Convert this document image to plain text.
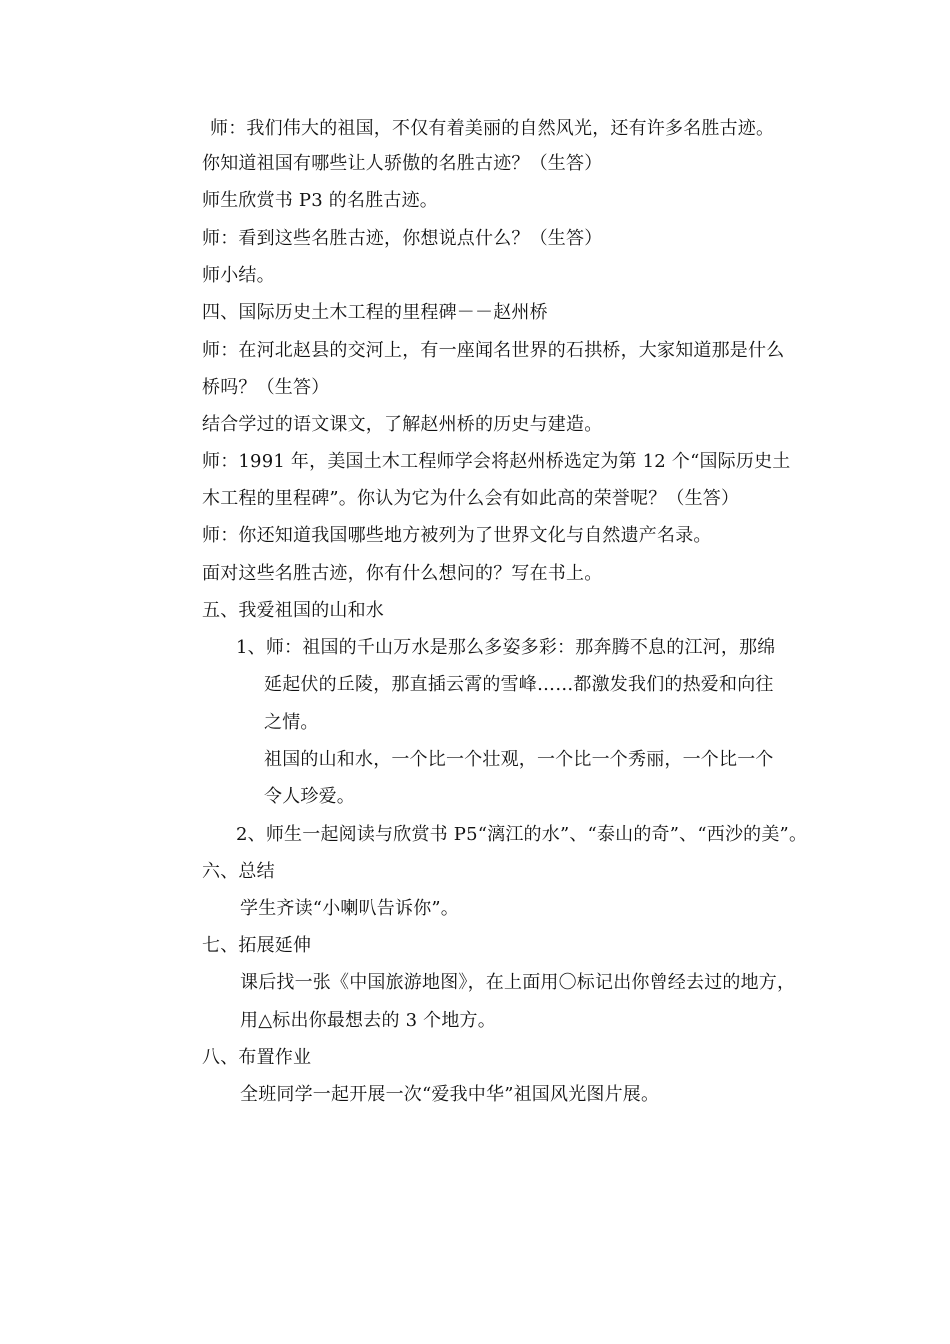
师：我们伟大的祖国，不仅有着美丽的自然风光，还有许多名胜古迹。
你知道祖国有哪些让人骄傲的名胜古迹？（生答）
师生欣赏书 P3 的名胜古迹。
师：看到这些名胜古迹，你想说点什么？（生答）
师小结。
四、国际历史土木工程的里程碑－－赵州桥
师：在河北赵县的交河上，有一座闻名世界的石拱桥，大家知道那是什么
桥吗？（生答）
结合学过的语文课文，了解赵州桥的历史与建造。
师：1991 年，美国土木工程师学会将赵州桥选定为第 12 个“国际历史土
木工程的里程碑”。你认为它为什么会有如此高的荣誉呢？（生答）
师：你还知道我国哪些地方被列为了世界文化与自然遗产名录。
面对这些名胜古迹，你有什么想问的？写在书上。
五、我爱祖国的山和水
1、师：祖国的千山万水是那么多姿多彩：那奔腾不息的江河，那绵
延起伏的丘陵，那直插云霄的雪峰……都激发我们的热爱和向往
之情。
祖国的山和水，一个比一个壮观，一个比一个秀丽，一个比一个
令人珍爱。
2、师生一起阅读与欣赏书 P5“漓江的水”、“泰山的奇”、“西沙的美”。
六、总结
学生齐读“小喇叭告诉你”。
七、拓展延伸
课后找一张《中国旅游地图》，在上面用〇标记出你曾经去过的地方，
用△标出你最想去的 3 个地方。
八、布置作业
全班同学一起开展一次“爱我中华”祖国风光图片展。
